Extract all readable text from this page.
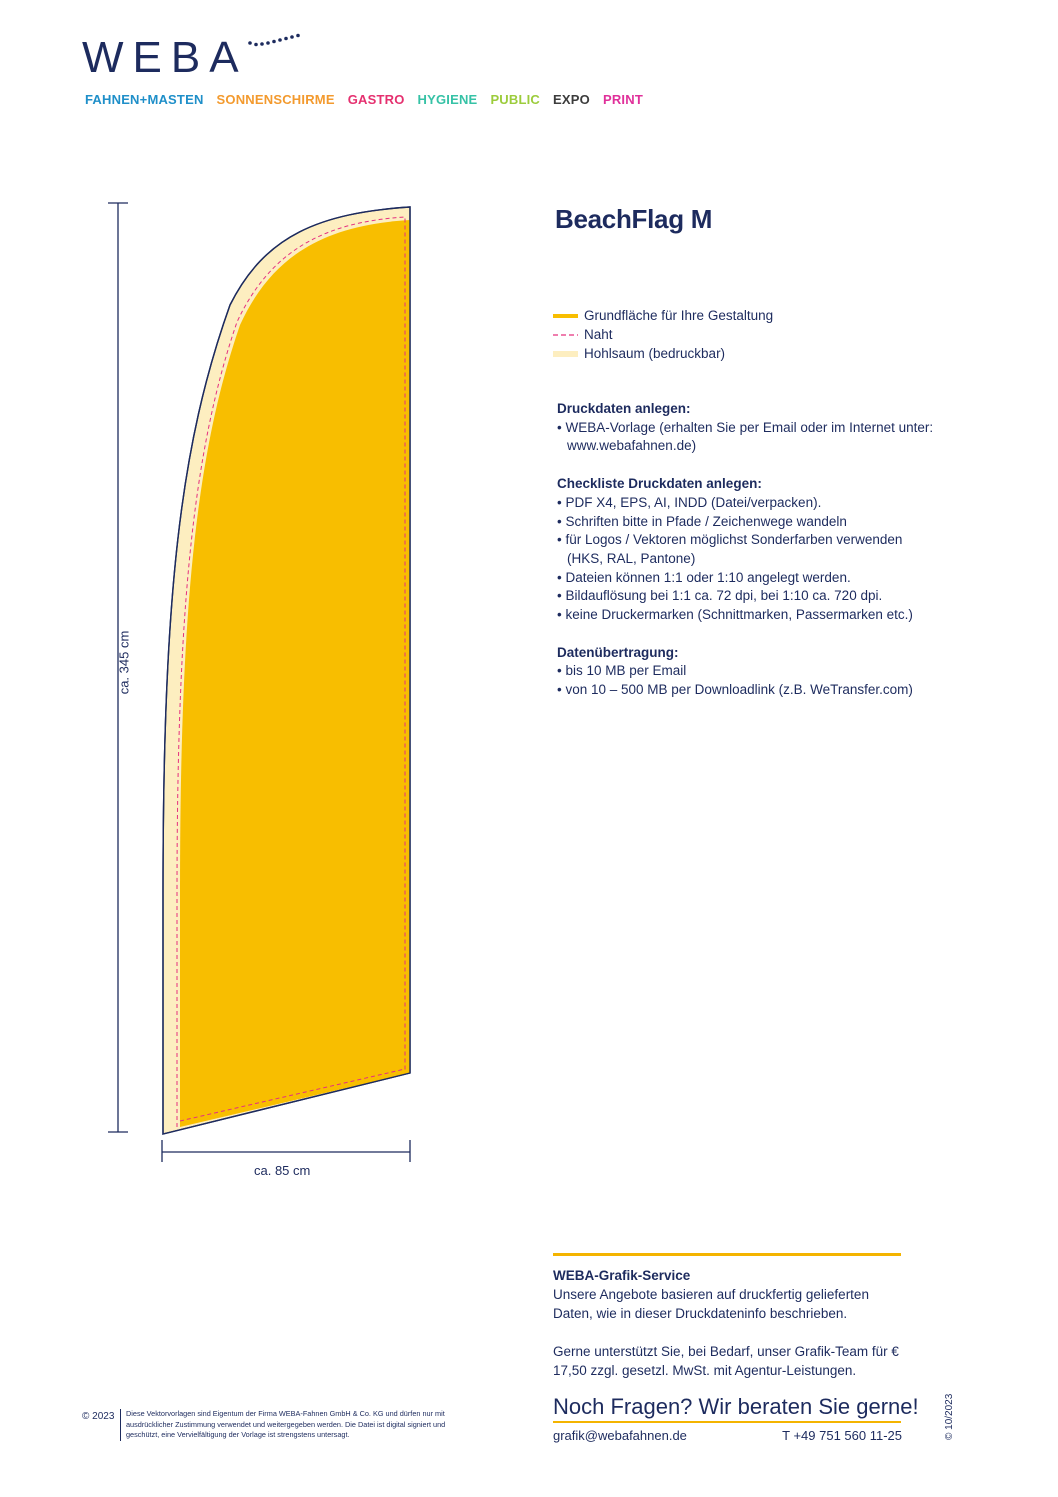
WEBA
FAHNEN+MASTEN SONNENSCHIRME GASTRO HYGIENE PUBLIC EXPO PRINT
ca. 345 cm
ca. 85 cm
BeachFlag M
Grundfläche für Ihre Gestaltung
Naht
Hohlsaum (bedruckbar)
Druckdaten anlegen:
• WEBA-Vorlage (erhalten Sie per Email oder im Internet unter: www.webafahnen.de)
Checkliste Druckdaten anlegen:
• PDF X4, EPS, AI, INDD (Datei/verpacken).
• Schriften bitte in Pfade / Zeichenwege wandeln
• für Logos / Vektoren möglichst Sonderfarben verwenden (HKS, RAL, Pantone)
• Dateien können 1:1 oder 1:10 angelegt werden.
• Bildauflösung bei 1:1 ca. 72 dpi, bei 1:10 ca. 720 dpi.
• keine Druckermarken (Schnittmarken, Passermarken etc.)
Datenübertragung:
• bis 10 MB per Email
• von 10 – 500 MB per Downloadlink (z.B. WeTransfer.com)
WEBA-Grafik-Service

Unsere Angebote basieren auf druckfertig gelieferten Daten, wie in dieser Druckdateninfo beschrieben.

Gerne unterstützt Sie, bei Bedarf, unser Grafik-Team für € 17,50 zzgl. gesetzl. MwSt. mit Agentur-Leistungen.

Noch Fragen? Wir beraten Sie gerne!
grafik@webafahnen.de	T +49 751 560 11-25
© 2023	Diese Vektorvorlagen sind Eigentum der Firma WEBA-Fahnen GmbH & Co. KG und dürfen nur mit ausdrücklicher Zustimmung verwendet und weitergegeben werden. Die Datei ist digital signiert und geschützt, eine Vervielfältigung der Vorlage ist strengstens untersagt.	© 10/2023
